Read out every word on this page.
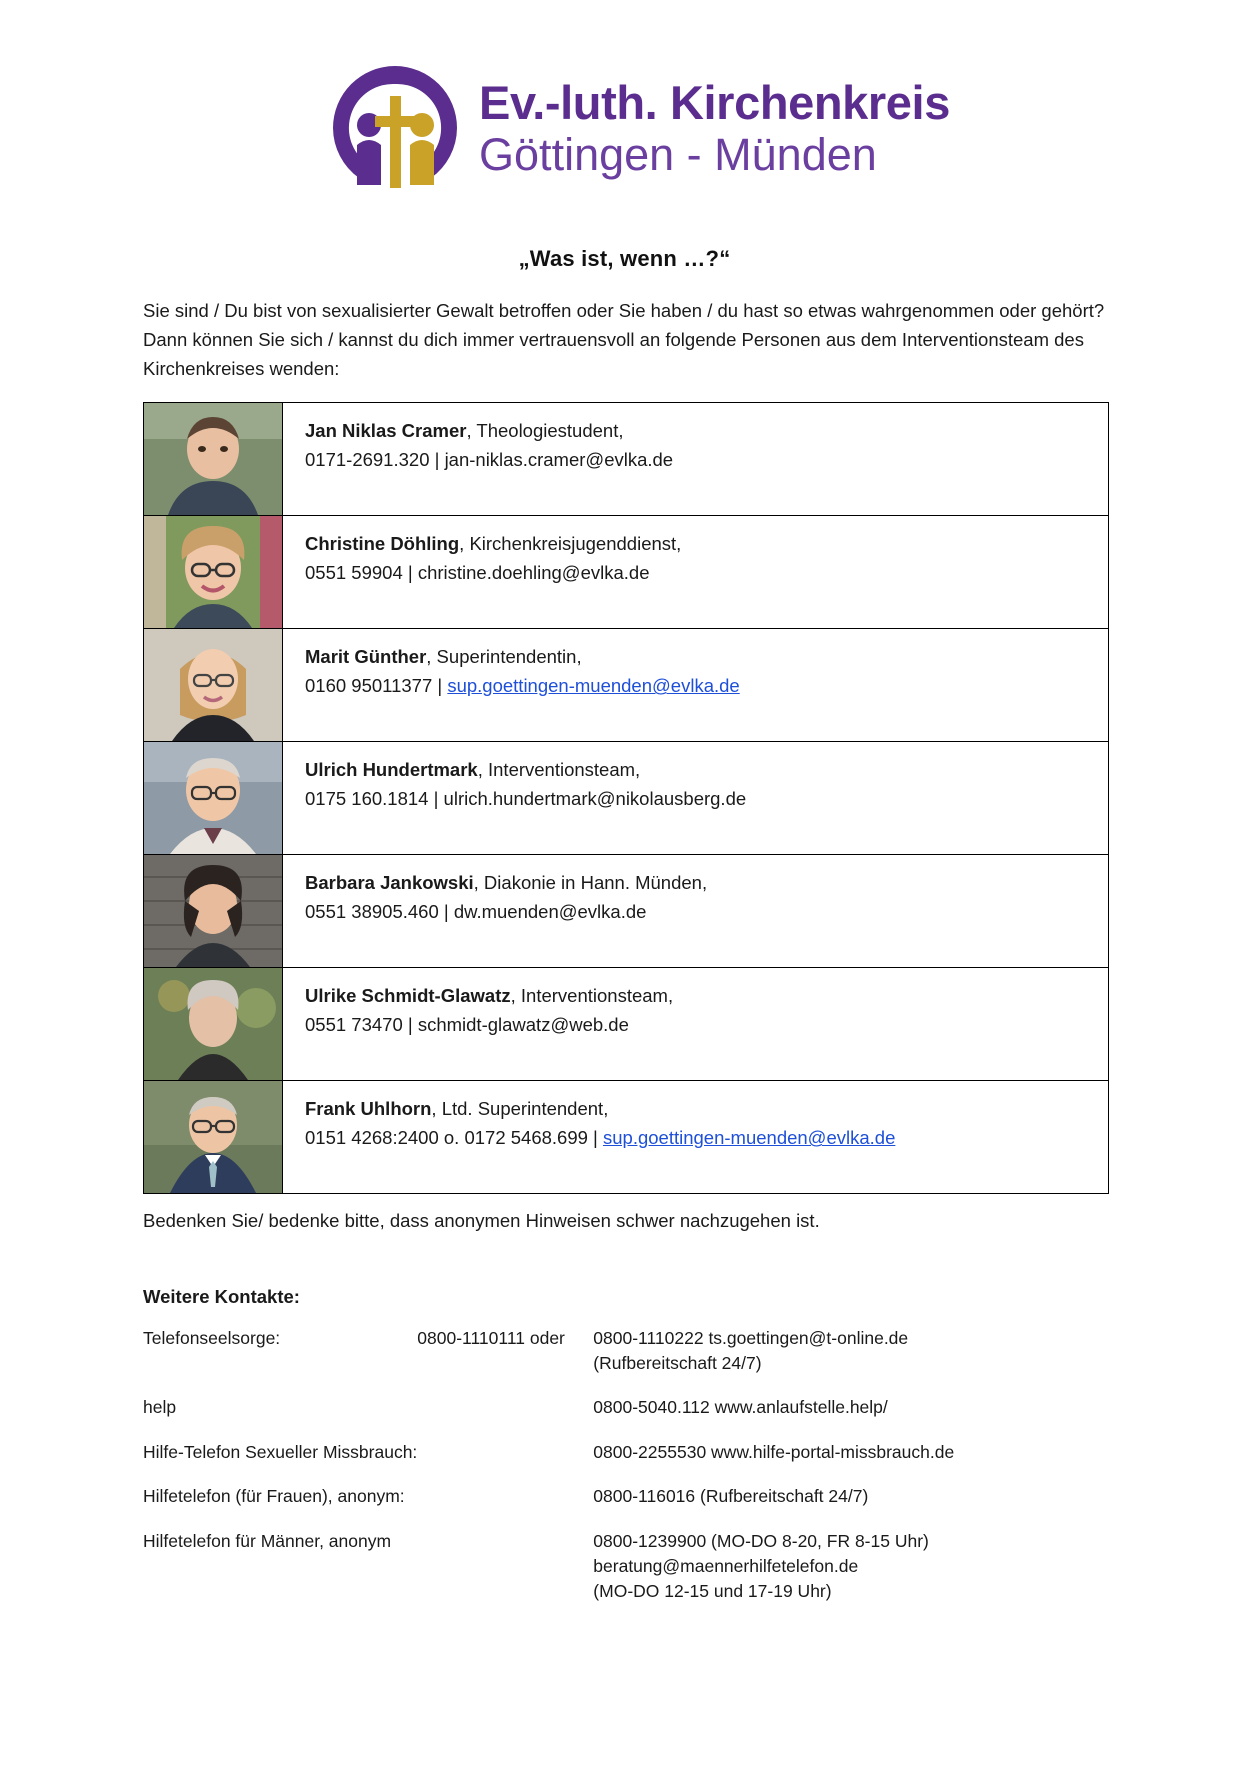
Ev.-luth. Kirchenkreis
Göttingen - Münden
„Was ist, wenn …?“

Sie sind / Du bist von sexualisierter Gewalt betroffen oder Sie haben / du hast so etwas wahrgenommen oder gehört? Dann können Sie sich / kannst du dich immer vertrauensvoll an folgende Personen aus dem Interventionsteam des Kirchenkreises wenden:

Jan Niklas Cramer, Theologiestudent,
0171-2691.320 | jan-niklas.cramer@evlka.de

Christine Döhling, Kirchenkreisjugenddienst,
0551 59904 | christine.doehling@evlka.de

Marit Günther, Superintendentin,
0160 95011377 | sup.goettingen-muenden@evlka.de

Ulrich Hundertmark, Interventionsteam,
0175 160.1814 | ulrich.hundertmark@nikolausberg.de

Barbara Jankowski, Diakonie in Hann. Münden,
0551 38905.460 | dw.muenden@evlka.de

Ulrike Schmidt-Glawatz, Interventionsteam,
0551 73470 | schmidt-glawatz@web.de

Frank Uhlhorn, Ltd. Superintendent,
0151 4268:2400 o. 0172 5468.699 | sup.goettingen-muenden@evlka.de
Bedenken Sie/ bedenke bitte, dass anonymen Hinweisen schwer nachzugehen ist.
Weitere Kontakte:
Telefonseelsorge:	0800-1110111 oder	0800-1110222 ts.goettingen@t-online.de
(Rufbereitschaft 24/7)

help		0800-5040.112 www.anlaufstelle.help/

Hilfe-Telefon Sexueller Missbrauch:		0800-2255530 www.hilfe-portal-missbrauch.de

Hilfetelefon (für Frauen), anonym:		0800-116016 (Rufbereitschaft 24/7)

Hilfetelefon für Männer, anonym		0800-1239900 (MO-DO 8-20, FR 8-15 Uhr)
beratung@maennerhilfetelefon.de
(MO-DO 12-15 und 17-19 Uhr)
